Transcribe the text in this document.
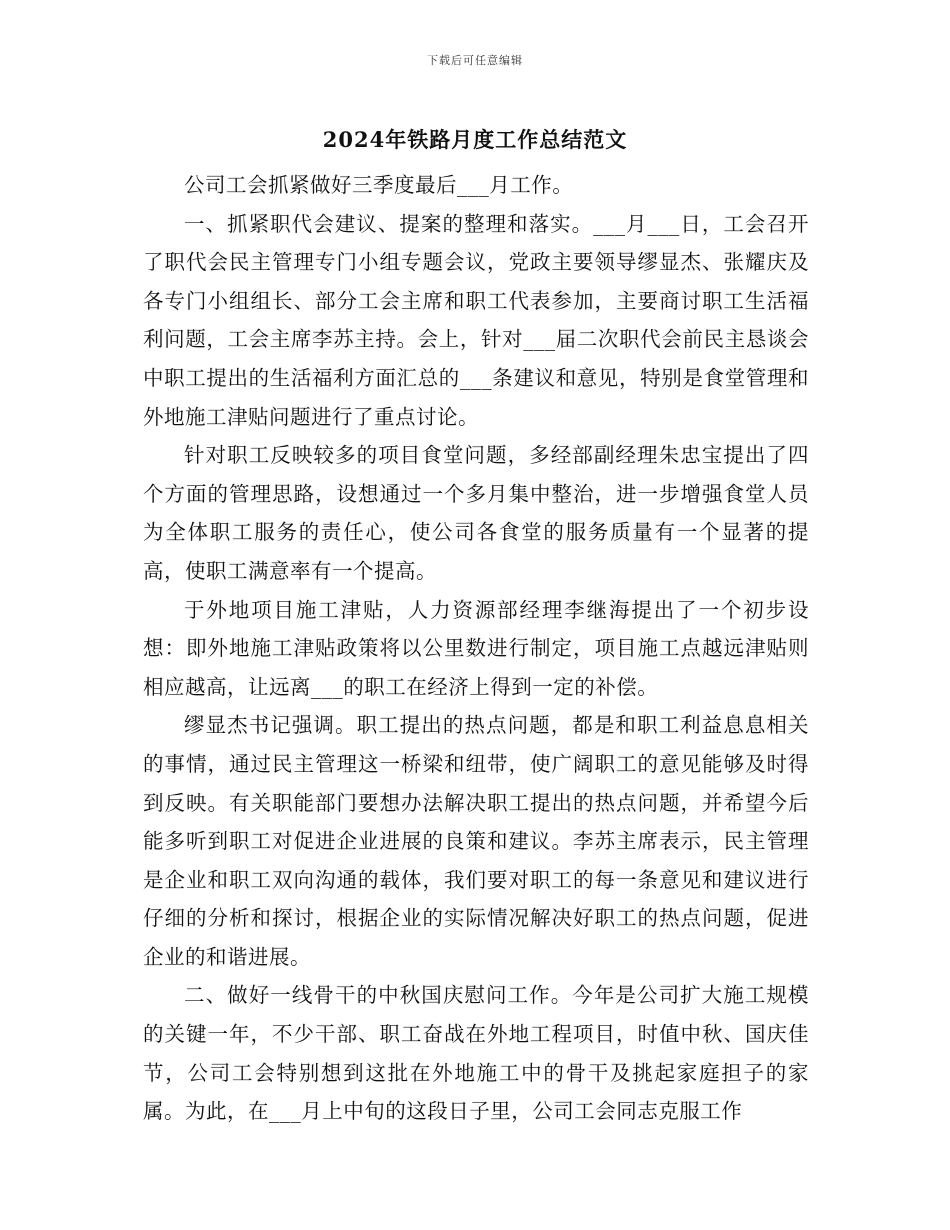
下载后可任意编辑
2024年铁路月度工作总结范文

公司工会抓紧做好三季度最后___月工作。

一、抓紧职代会建议、提案的整理和落实。___月___日，工会召开了职代会民主管理专门小组专题会议，党政主要领导缪显杰、张耀庆及各专门小组组长、部分工会主席和职工代表参加，主要商讨职工生活福利问题，工会主席李苏主持。会上，针对___届二次职代会前民主恳谈会中职工提出的生活福利方面汇总的___条建议和意见，特别是食堂管理和外地施工津贴问题进行了重点讨论。

针对职工反映较多的项目食堂问题，多经部副经理朱忠宝提出了四个方面的管理思路，设想通过一个多月集中整治，进一步增强食堂人员为全体职工服务的责任心，使公司各食堂的服务质量有一个显著的提高，使职工满意率有一个提高。

于外地项目施工津贴，人力资源部经理李继海提出了一个初步设想：即外地施工津贴政策将以公里数进行制定，项目施工点越远津贴则相应越高，让远离___的职工在经济上得到一定的补偿。

缪显杰书记强调。职工提出的热点问题，都是和职工利益息息相关的事情，通过民主管理这一桥梁和纽带，使广阔职工的意见能够及时得到反映。有关职能部门要想办法解决职工提出的热点问题，并希望今后能多听到职工对促进企业进展的良策和建议。李苏主席表示，民主管理是企业和职工双向沟通的载体，我们要对职工的每一条意见和建议进行仔细的分析和探讨，根据企业的实际情况解决好职工的热点问题，促进企业的和谐进展。

二、做好一线骨干的中秋国庆慰问工作。今年是公司扩大施工规模的关键一年，不少干部、职工奋战在外地工程项目，时值中秋、国庆佳节，公司工会特别想到这批在外地施工中的骨干及挑起家庭担子的家属。为此，在___月上中旬的这段日子里，公司工会同志克服工作
